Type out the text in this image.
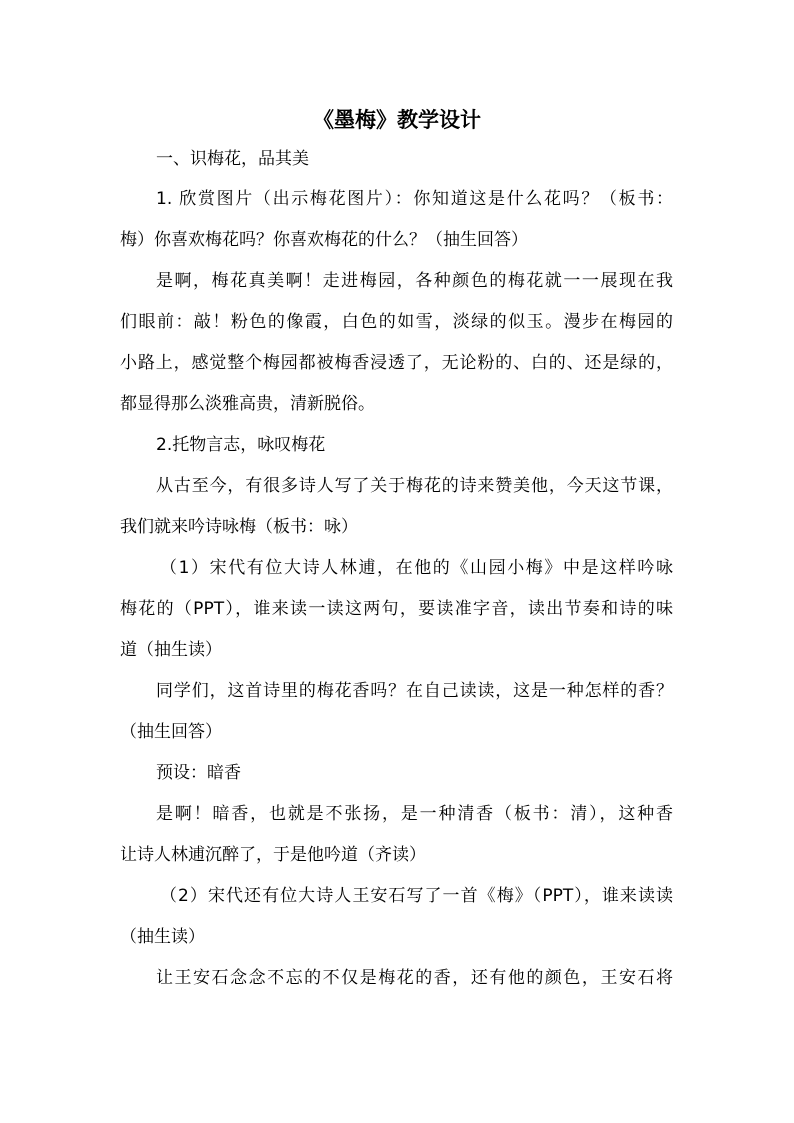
《墨梅》教学设计
一、识梅花，品其美
1. 欣赏图片（出示梅花图片）：你知道这是什么花吗？（板书：
梅）你喜欢梅花吗？你喜欢梅花的什么？（抽生回答）
是啊，梅花真美啊！走进梅园，各种颜色的梅花就一一展现在我
们眼前：敲！粉色的像霞，白色的如雪，淡绿的似玉。漫步在梅园的
小路上，感觉整个梅园都被梅香浸透了，无论粉的、白的、还是绿的，
都显得那么淡雅高贵，清新脱俗。
2.托物言志，咏叹梅花
从古至今，有很多诗人写了关于梅花的诗来赞美他，今天这节课，
我们就来吟诗咏梅（板书：咏）
（1）宋代有位大诗人林逋，在他的《山园小梅》中是这样吟咏
梅花的（PPT），谁来读一读这两句，要读准字音，读出节奏和诗的味
道（抽生读）
同学们，这首诗里的梅花香吗？在自己读读，这是一种怎样的香？
（抽生回答）
预设：暗香
是啊！暗香，也就是不张扬，是一种清香（板书：清），这种香
让诗人林逋沉醉了，于是他吟道（齐读）
（2）宋代还有位大诗人王安石写了一首《梅》（PPT），谁来读读
（抽生读）
让王安石念念不忘的不仅是梅花的香，还有他的颜色，王安石将
